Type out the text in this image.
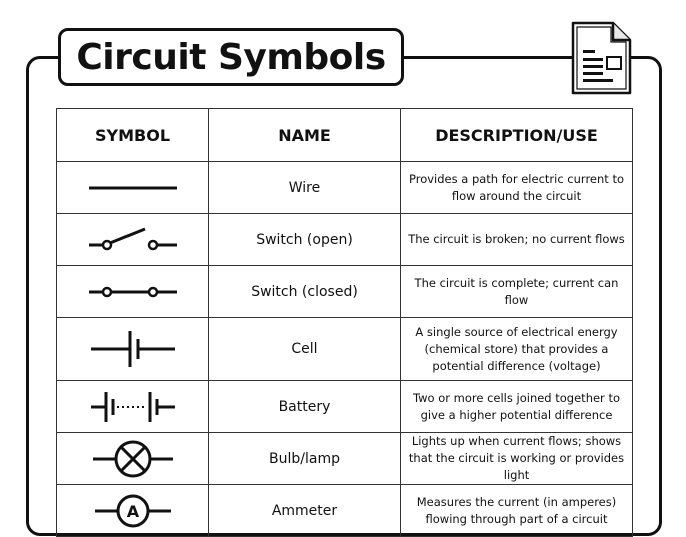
Circuit Symbols
SYMBOL	NAME	DESCRIPTION/USE

	Wire	Provides a path for electric current to flow around the circuit

	Switch (open)	The circuit is broken; no current flows

	Switch (closed)	The circuit is complete; current can flow

	Cell	A single source of electrical energy (chemical store) that provides a potential difference (voltage)

	Battery	Two or more cells joined together to give a higher potential difference

	Bulb/lamp	Lights up when current flows; shows that the circuit is working or provides light

A	Ammeter	Measures the current (in amperes) flowing through part of a circuit
